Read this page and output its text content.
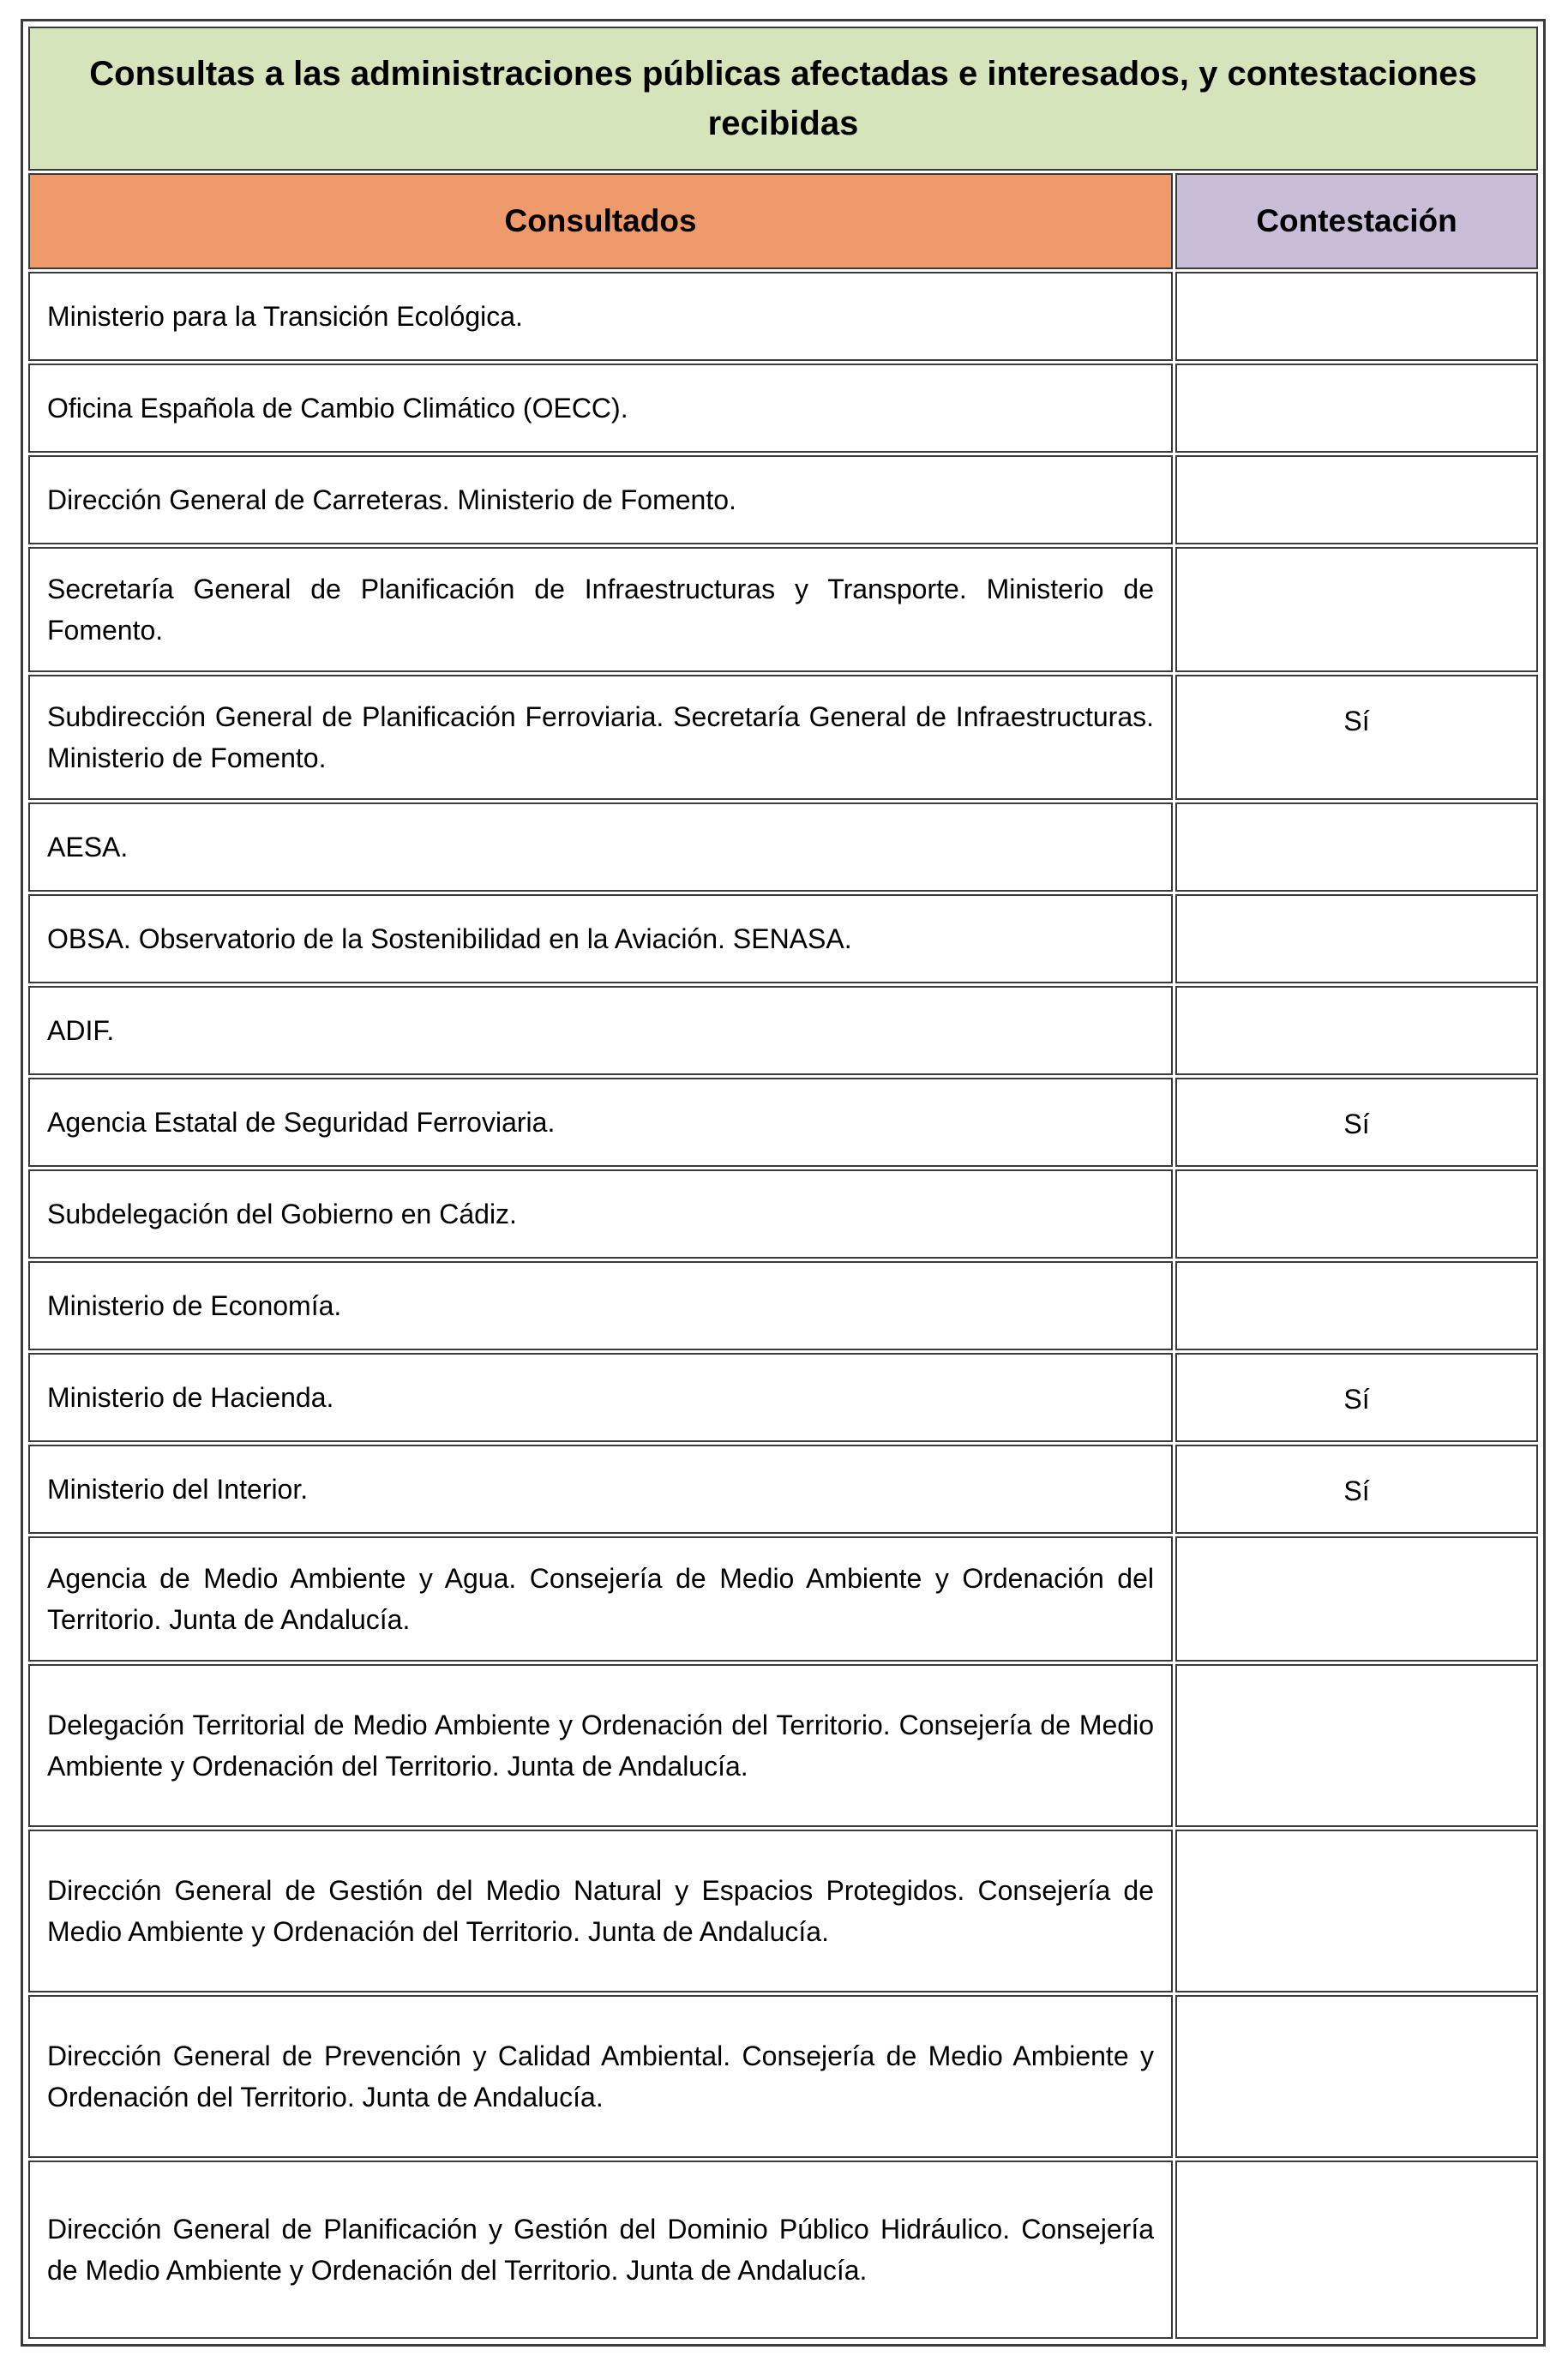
Consultas a las administraciones públicas afectadas e interesados, y contestaciones recibidas	
Consultados	Contestación
Ministerio para la Transición Ecológica.	
Oficina Española de Cambio Climático (OECC).	
Dirección General de Carreteras. Ministerio de Fomento.	
Secretaría General de Planificación de Infraestructuras y Transporte. Ministerio de Fomento.	
Subdirección General de Planificación Ferroviaria. Secretaría General de Infraestructuras. Ministerio de Fomento.	Sí
AESA.	
OBSA. Observatorio de la Sostenibilidad en la Aviación. SENASA.	
ADIF.	
Agencia Estatal de Seguridad Ferroviaria.	Sí
Subdelegación del Gobierno en Cádiz.	
Ministerio de Economía.	
Ministerio de Hacienda.	Sí
Ministerio del Interior.	Sí
Agencia de Medio Ambiente y Agua. Consejería de Medio Ambiente y Ordenación del Territorio. Junta de Andalucía.	
Delegación Territorial de Medio Ambiente y Ordenación del Territorio. Consejería de Medio Ambiente y Ordenación del Territorio. Junta de Andalucía.	
Dirección General de Gestión del Medio Natural y Espacios Protegidos. Consejería de Medio Ambiente y Ordenación del Territorio. Junta de Andalucía.	
Dirección General de Prevención y Calidad Ambiental. Consejería de Medio Ambiente y Ordenación del Territorio. Junta de Andalucía.	
Dirección General de Planificación y Gestión del Dominio Público Hidráulico. Consejería de Medio Ambiente y Ordenación del Territorio. Junta de Andalucía.	
